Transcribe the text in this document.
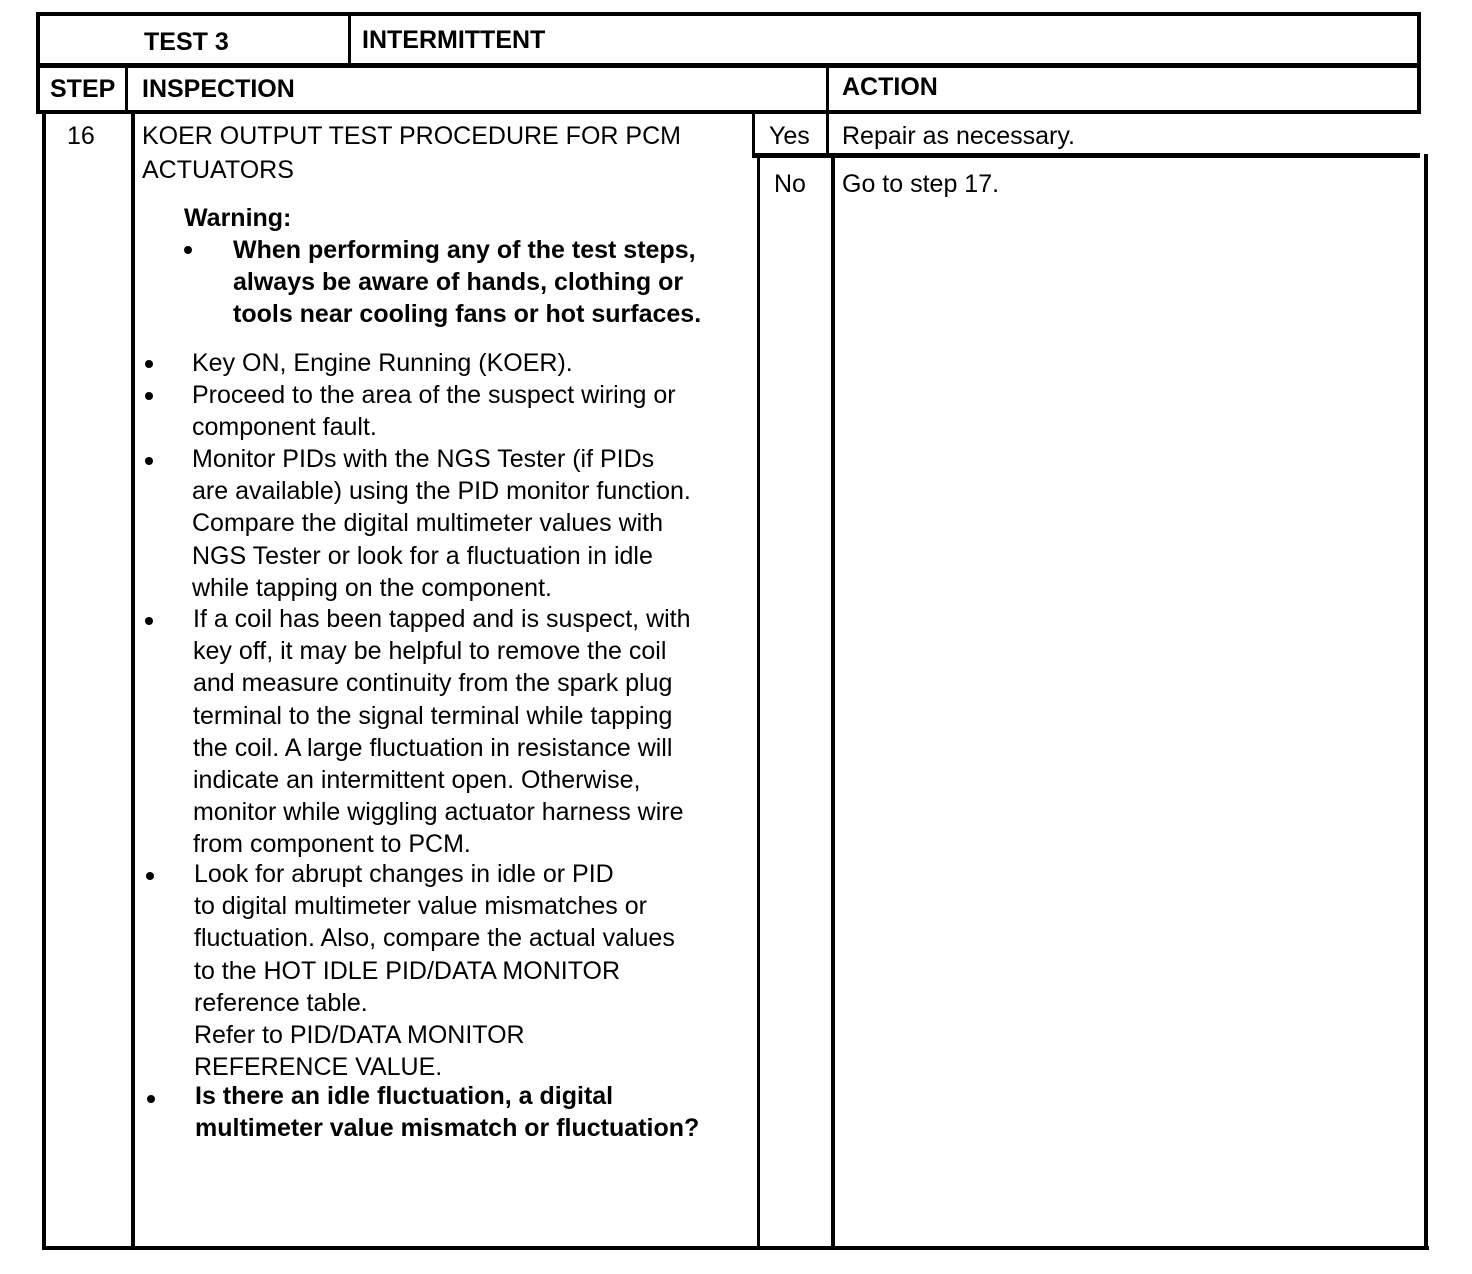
TEST 3	INTERMITTENT
STEP INSPECTION	ACTION
16 KOER OUTPUT TEST PROCEDURE FOR PCM
ACTUATORS
Warning:
When performing any of the test steps,
always be aware of hands, clothing or
tools near cooling fans or hot surfaces.
Key ON, Engine Running (KOER).
Proceed to the area of the suspect wiring or
component fault.
Monitor PIDs with the NGS Tester (if PIDs
are available) using the PID monitor function.
Compare the digital multimeter values with
NGS Tester or look for a fluctuation in idle
while tapping on the component.
If a coil has been tapped and is suspect, with
key off, it may be helpful to remove the coil
and measure continuity from the spark plug
terminal to the signal terminal while tapping
the coil. A large fluctuation in resistance will
indicate an intermittent open. Otherwise,
monitor while wiggling actuator harness wire
from component to PCM.
Look for abrupt changes in idle or PID
to digital multimeter value mismatches or
fluctuation. Also, compare the actual values
to the HOT IDLE PID/DATA MONITOR
reference table.
Refer to PID/DATA MONITOR
REFERENCE VALUE.
Is there an idle fluctuation, a digital
multimeter value mismatch or fluctuation?
Yes Repair as necessary.
No Go to step 17.
